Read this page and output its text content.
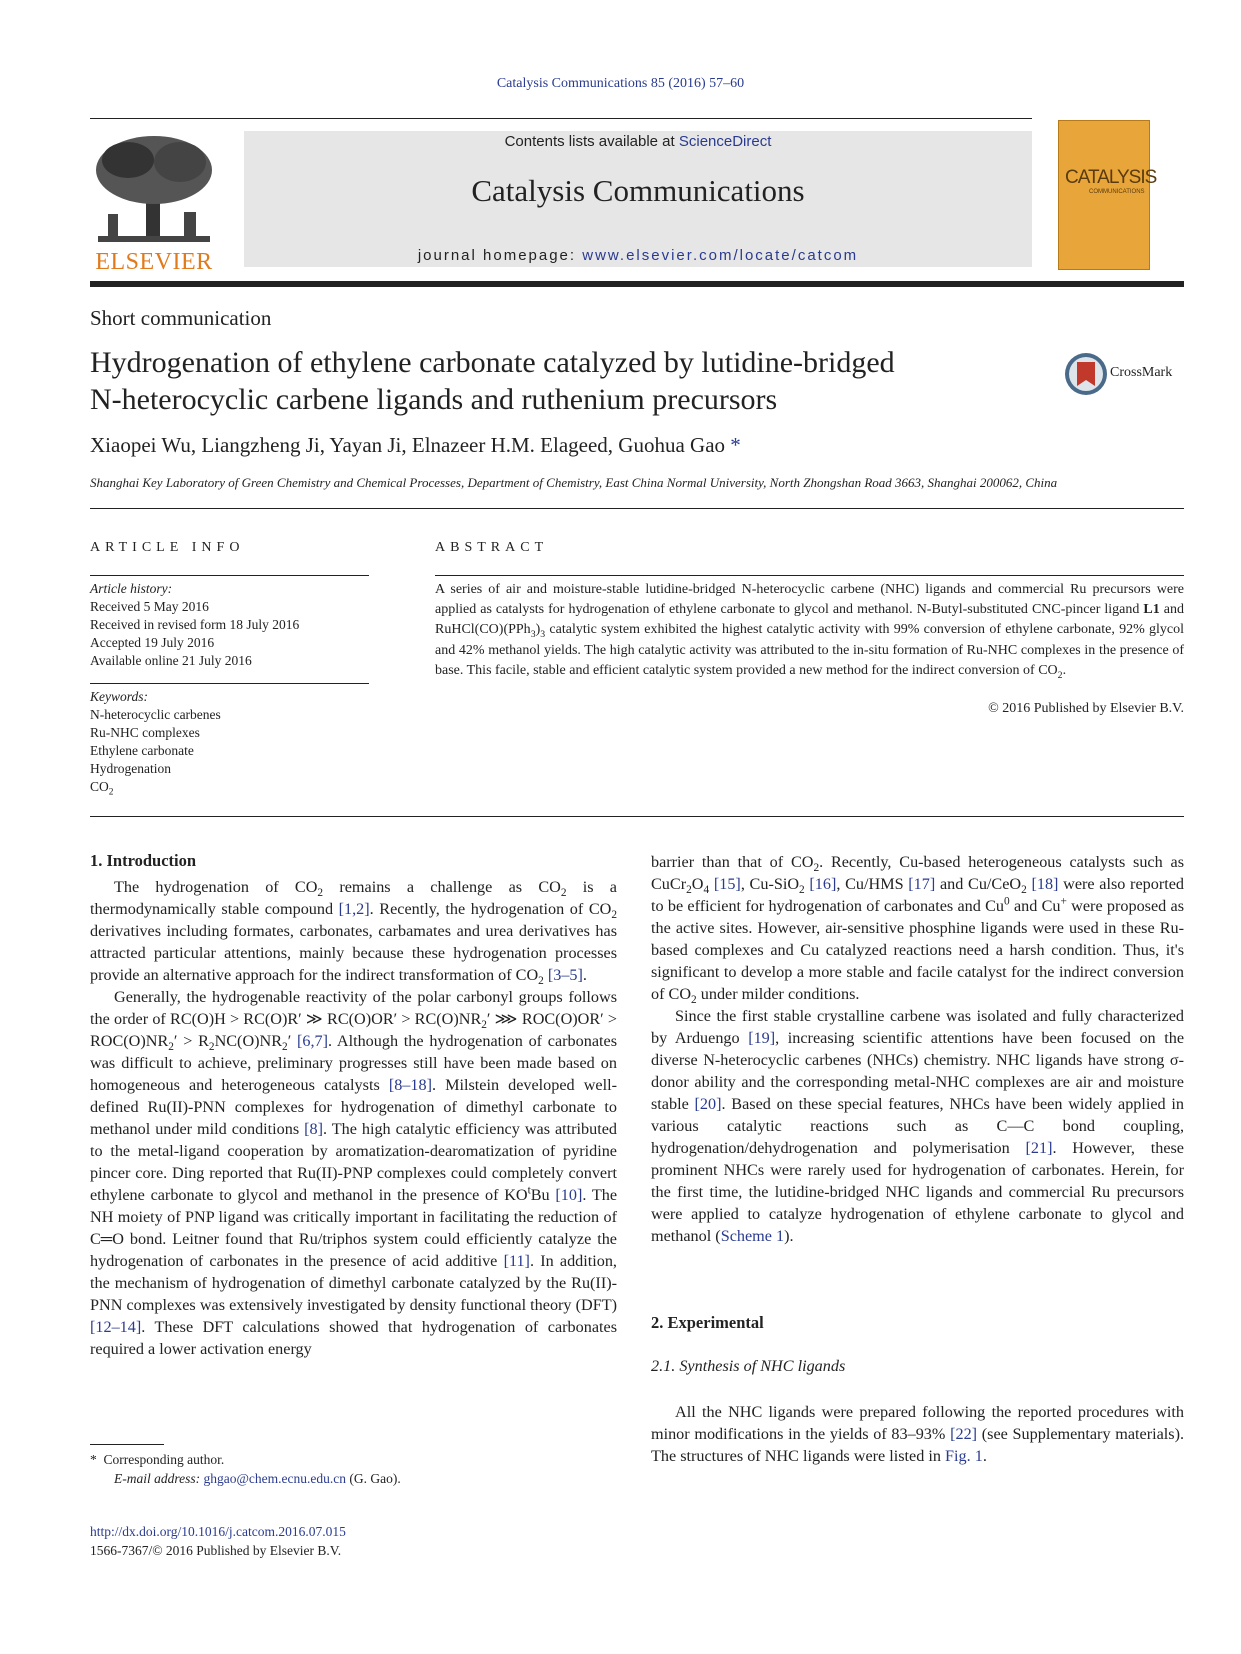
Catalysis Communications 85 (2016) 57–60
ELSEVIER
Contents lists available at ScienceDirect
Catalysis Communications
journal homepage: www.elsevier.com/locate/catcom
CATALYSIS
COMMUNICATIONS
Short communication
Hydrogenation of ethylene carbonate catalyzed by lutidine-bridged
N-heterocyclic carbene ligands and ruthenium precursors
CrossMark
Xiaopei Wu, Liangzheng Ji, Yayan Ji, Elnazeer H.M. Elageed, Guohua Gao *
Shanghai Key Laboratory of Green Chemistry and Chemical Processes, Department of Chemistry, East China Normal University, North Zhongshan Road 3663, Shanghai 200062, China
ARTICLE INFO	ABSTRACT
Article history:
Received 5 May 2016
Received in revised form 18 July 2016
Accepted 19 July 2016
Available online 21 July 2016
Keywords:
N-heterocyclic carbenes
Ru-NHC complexes
Ethylene carbonate
Hydrogenation
$CO_2$
A series of air and moisture-stable lutidine-bridged N-heterocyclic carbene (NHC) ligands and commercial Ru precursors were applied as catalysts for hydrogenation of ethylene carbonate to glycol and methanol. N-Butyl-substituted CNC-pincer ligand L1 and $RuHCl(CO)(PPh_3)_3$ catalytic system exhibited the highest catalytic activity with 99% conversion of ethylene carbonate, 92% glycol and 42% methanol yields. The high catalytic activity was attributed to the in-situ formation of Ru-NHC complexes in the presence of base. This facile, stable and efficient catalytic system provided a new method for the indirect conversion of $CO_2$.
© 2016 Published by Elsevier B.V.
1. Introduction

The hydrogenation of $CO_2$ remains a challenge as $CO_2$ is a thermodynamically stable compound [1,2]. Recently, the hydrogenation of $CO_2$ derivatives including formates, carbonates, carbamates and urea derivatives has attracted particular attentions, mainly because these hydrogenation processes provide an alternative approach for the indirect transformation of $CO_2$ [3–5].

Generally, the hydrogenable reactivity of the polar carbonyl groups follows the order of RC(O)H > RC(O)R′ ≫ $RC(O)OR' > RC(O)NR_2'$ ⋙ $ROC(O)OR' > ROC(O)NR_2' > R_2NC(O)NR_2'$ [6,7]. Although the hydrogenation of carbonates was difficult to achieve, preliminary progresses still have been made based on homogeneous and heterogeneous catalysts [8–18]. Milstein developed well-defined Ru(II)-PNN complexes for hydrogenation of dimethyl carbonate to methanol under mild conditions [8]. The high catalytic efficiency was attributed to the metal-ligand cooperation by aromatization-dearomatization of pyridine pincer core. Ding reported that Ru(II)-PNP complexes could completely convert ethylene carbonate to glycol and methanol in the presence of $KO^tBu$ [10]. The NH moiety of PNP ligand was critically important in facilitating the reduction of C═O bond. Leitner found that Ru/triphos system could efficiently catalyze the hydrogenation of carbonates in the presence of acid additive [11]. In addition, the mechanism of hydrogenation of dimethyl carbonate catalyzed by the Ru(II)-PNN complexes was extensively investigated by density functional theory (DFT) [12–14]. These DFT calculations showed that hydrogenation of carbonates required a lower activation energy

barrier than that of $CO_2$. Recently, Cu-based heterogeneous catalysts such as $CuCr_2O_4$ [15], Cu-SiO$_2$ [16], Cu/HMS [17] and Cu/CeO$_2$ [18] were also reported to be efficient for hydrogenation of carbonates and Cu$^0$ and Cu+ were proposed as the active sites. However, air-sensitive phosphine ligands were used in these Ru-based complexes and Cu catalyzed reactions need a harsh condition. Thus, it's significant to develop a more stable and facile catalyst for the indirect conversion of $CO_2$ under milder conditions.

Since the first stable crystalline carbene was isolated and fully characterized by Arduengo [19], increasing scientific attentions have been focused on the diverse N-heterocyclic carbenes (NHCs) chemistry. NHC ligands have strong σ-donor ability and the corresponding metal-NHC complexes are air and moisture stable [20]. Based on these special features, NHCs have been widely applied in various catalytic reactions such as C—C bond coupling, hydrogenation/dehydrogenation and polymerisation [21]. However, these prominent NHCs were rarely used for hydrogenation of carbonates. Herein, for the first time, the lutidine-bridged NHC ligands and commercial Ru precursors were applied to catalyze hydrogenation of ethylene carbonate to glycol and methanol (Scheme 1).

2. Experimental
2.1. Synthesis of NHC ligands

All the NHC ligands were prepared following the reported procedures with minor modifications in the yields of 83–93% [22] (see Supplementary materials). The structures of NHC ligands were listed in Fig. 1.

* Corresponding author.
E-mail address: ghgao@chem.ecnu.edu.cn (G. Gao).
http://dx.doi.org/10.1016/j.catcom.2016.07.015
1566-7367/© 2016 Published by Elsevier B.V.
